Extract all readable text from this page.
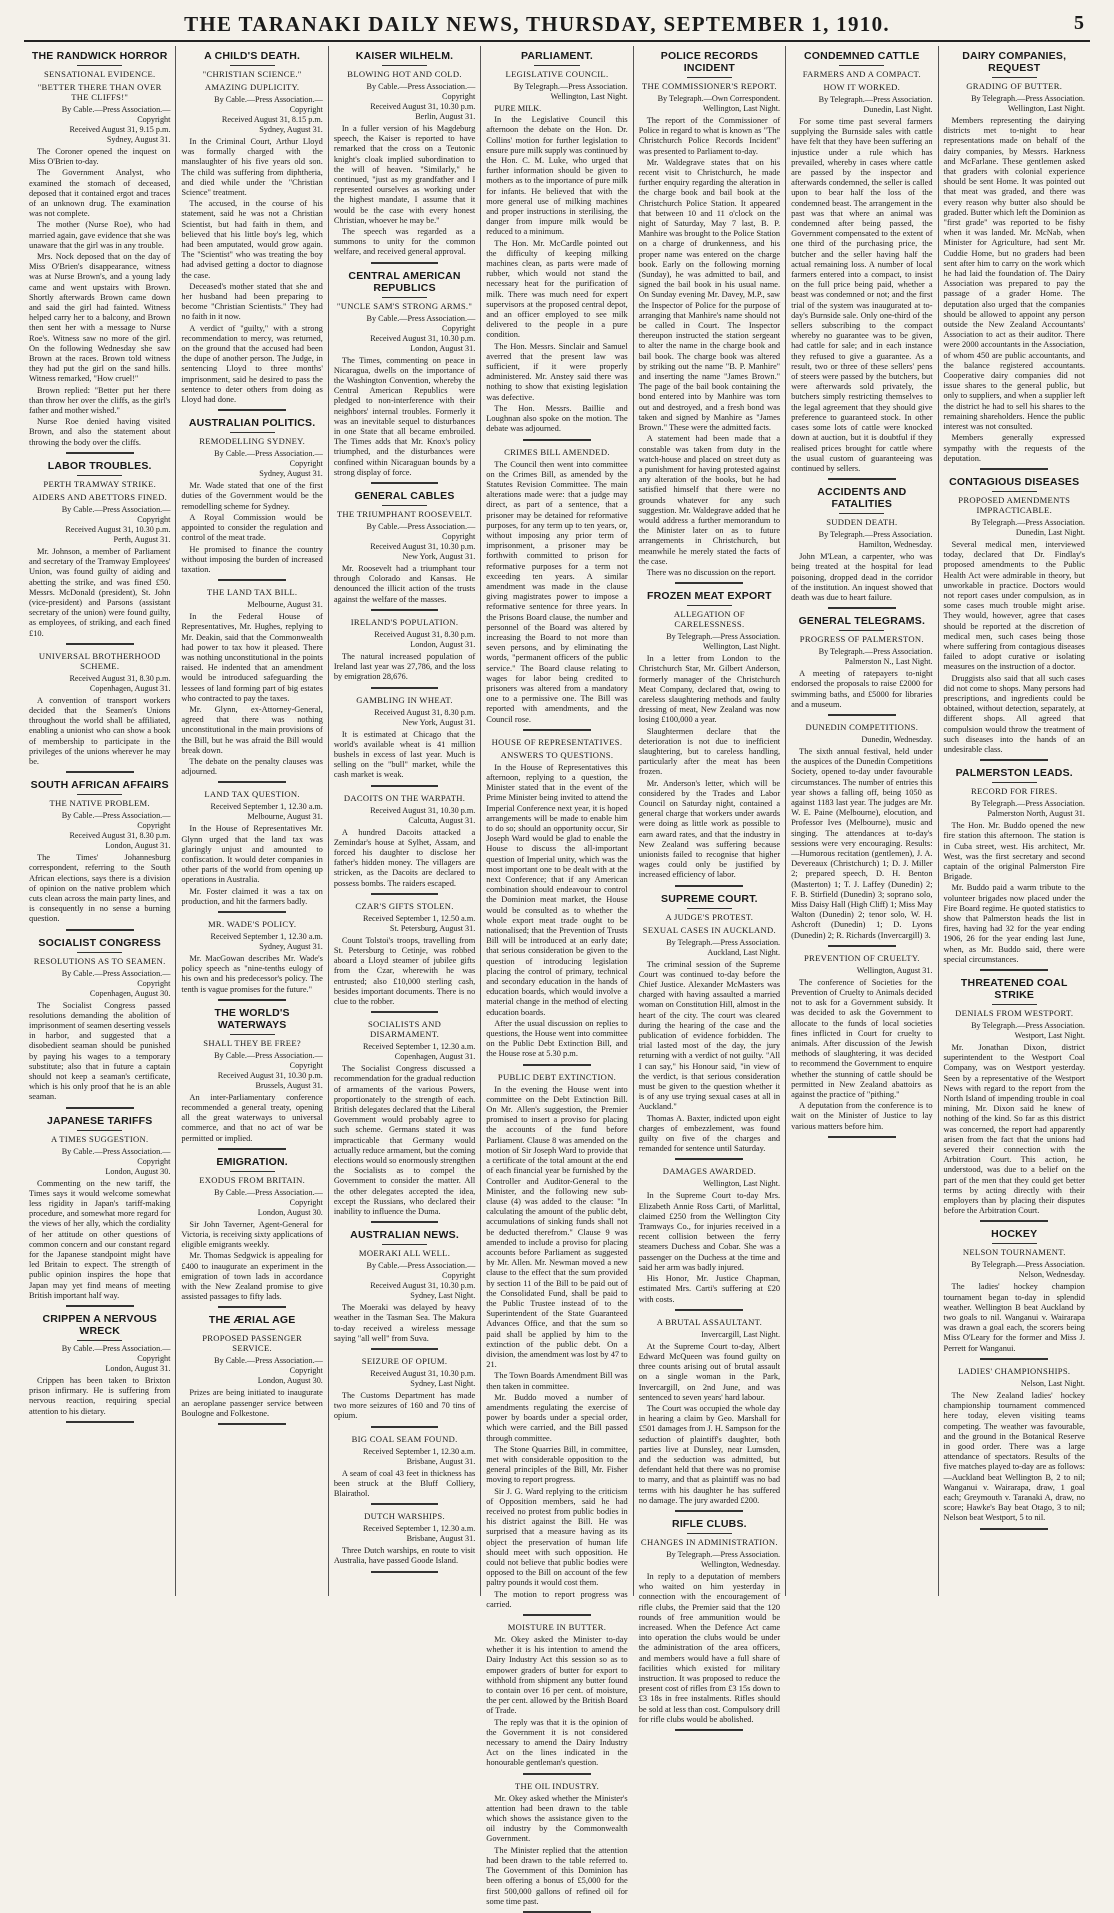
THE TARANAKI DAILY NEWS, THURSDAY, SEPTEMBER 1, 1910.	5
THE RANDWICK HORROR
SENSATIONAL EVIDENCE.
"BETTER THERE THAN OVER THE CLIFFS!"
By Cable.—Press Association.—Copyright
Received August 31, 9.15 p.m.
Sydney, August 31.

The Coroner opened the inquest on Miss O'Brien to-day.

The Government Analyst, who examined the stomach of deceased, deposed that it contained ergot and traces of an unknown drug. The examination was not complete.

The mother (Nurse Roe), who had married again, gave evidence that she was unaware that the girl was in any trouble.

Mrs. Nock deposed that on the day of Miss O'Brien's disappearance, witness was at Nurse Brown's, and a young lady came and went upstairs with Brown. Shortly afterwards Brown came down and said the girl had fainted. Witness helped carry her to a balcony, and Brown then sent her with a message to Nurse Roe's. Witness saw no more of the girl. On the following Wednesday she saw Brown at the races. Brown told witness they had put the girl on the sand hills. Witness remarked, "How cruel!"

Brown replied: "Better put her there than throw her over the cliffs, as the girl's father and mother wished."

Nurse Roe denied having visited Brown, and also the statement about throwing the body over the cliffs.

LABOR TROUBLES.
PERTH TRAMWAY STRIKE.
AIDERS AND ABETTORS FINED.
By Cable.—Press Association.—Copyright
Received August 31, 10.30 p.m.
Perth, August 31.

Mr. Johnson, a member of Parliament and secretary of the Tramway Employees' Union, was found guilty of aiding and abetting the strike, and was fined £50. Messrs. McDonald (president), St. John (vice-president) and Parsons (assistant secretary of the union) were found guilty, as employees, of striking, and each fined £10.

UNIVERSAL BROTHERHOOD SCHEME.
Received August 31, 8.30 p.m.
Copenhagen, August 31.

A convention of transport workers decided that the Seamen's Unions throughout the world shall be affiliated, enabling a unionist who can show a book of membership to participate in the privileges of the unions wherever he may be.

SOUTH AFRICAN AFFAIRS
THE NATIVE PROBLEM.
By Cable.—Press Association.—Copyright
Received August 31, 8.30 p.m.
London, August 31.

The Times' Johannesburg correspondent, referring to the South African elections, says there is a division of opinion on the native problem which cuts clean across the main party lines, and is consequently in no sense a burning question.

SOCIALIST CONGRESS
RESOLUTIONS AS TO SEAMEN.
By Cable.—Press Association.—Copyright
Copenhagen, August 30.

The Socialist Congress passed resolutions demanding the abolition of imprisonment of seamen deserting vessels in harbor, and suggested that a disobedient seaman should be punished by paying his wages to a temporary substitute; also that in future a captain should not keep a seaman's certificate, which is his only proof that he is an able seaman.

JAPANESE TARIFFS
A TIMES SUGGESTION.
By Cable.—Press Association.—Copyright
London, August 30.

Commenting on the new tariff, the Times says it would welcome somewhat less rigidity in Japan's tariff-making procedure, and somewhat more regard for the views of her ally, which the cordiality of her attitude on other questions of common concern and our constant regard for the Japanese standpoint might have led Britain to expect. The strength of public opinion inspires the hope that Japan may yet find means of meeting British important half way.

CRIPPEN A NERVOUS WRECK
By Cable.—Press Association.—Copyright
London, August 31.

Crippen has been taken to Brixton prison infirmary. He is suffering from nervous reaction, requiring special attention to his dietary.

A CHILD'S DEATH.
"CHRISTIAN SCIENCE."
AMAZING DUPLICITY.
By Cable.—Press Association.—Copyright
Received August 31, 8.15 p.m.
Sydney, August 31.

In the Criminal Court, Arthur Lloyd was formally charged with the manslaughter of his five years old son. The child was suffering from diphtheria, and died while under the "Christian Science" treatment.

The accused, in the course of his statement, said he was not a Christian Scientist, but had faith in them, and believed that his little boy's leg, which had been amputated, would grow again. The "Scientist" who was treating the boy had advised getting a doctor to diagnose the case.

Deceased's mother stated that she and her husband had been preparing to become "Christian Scientists." They had no faith in it now.

A verdict of "guilty," with a strong recommendation to mercy, was returned, on the ground that the accused had been the dupe of another person. The Judge, in sentencing Lloyd to three months' imprisonment, said he desired to pass the sentence to deter others from doing as Lloyd had done.

AUSTRALIAN POLITICS.
REMODELLING SYDNEY.
By Cable.—Press Association.—Copyright
Sydney, August 31.

Mr. Wade stated that one of the first duties of the Government would be the remodelling scheme for Sydney.

A Royal Commission would be appointed to consider the regulation and control of the meat trade.

He promised to finance the country without imposing the burden of increased taxation.

THE LAND TAX BILL.
Melbourne, August 31.

In the Federal House of Representatives, Mr. Hughes, replying to Mr. Deakin, said that the Commonwealth had power to tax how it pleased. There was nothing unconstitutional in the points raised. He indented that an amendment would be introduced safeguarding the lessees of land forming part of big estates who contracted to pay the taxes.

Mr. Glynn, ex-Attorney-General, agreed that there was nothing unconstitutional in the main provisions of the Bill, but he was afraid the Bill would break down.

The debate on the penalty clauses was adjourned.

LAND TAX QUESTION.
Received September 1, 12.30 a.m.
Melbourne, August 31.

In the House of Representatives Mr. Glynn urged that the land tax was glaringly unjust and amounted to confiscation. It would deter companies in other parts of the world from opening up operations in Australia.

Mr. Foster claimed it was a tax on production, and hit the farmers badly.

MR. WADE'S POLICY.
Received September 1, 12.30 a.m.
Sydney, August 31.

Mr. MacGowan describes Mr. Wade's policy speech as "nine-tenths eulogy of his own and his predecessor's policy. The tenth is vague promises for the future."

THE WORLD'S WATERWAYS
SHALL THEY BE FREE?
By Cable.—Press Association.—Copyright
Received August 31, 10.30 p.m.
Brussels, August 31.

An inter-Parliamentary conference recommended a general treaty, opening all the great waterways to universal commerce, and that no act of war be permitted or implied.

EMIGRATION.
EXODUS FROM BRITAIN.
By Cable.—Press Association.—Copyright
London, August 30.

Sir John Taverner, Agent-General for Victoria, is receiving sixty applications of eligible emigrants weekly.

Mr. Thomas Sedgwick is appealing for £400 to inaugurate an experiment in the emigration of town lads in accordance with the New Zealand promise to give assisted passages to fifty lads.

THE ÆRIAL AGE
PROPOSED PASSENGER SERVICE.
By Cable.—Press Association.—Copyright
London, August 30.

Prizes are being initiated to inaugurate an aeroplane passenger service between Boulogne and Folkestone.

KAISER WILHELM.
BLOWING HOT AND COLD.
By Cable.—Press Association.—Copyright
Received August 31, 10.30 p.m.
Berlin, August 31.

In a fuller version of his Magdeburg speech, the Kaiser is reported to have remarked that the cross on a Teutonic knight's cloak implied subordination to the will of heaven. "Similarly," he continued, "just as my grandfather and I represented ourselves as working under the highest mandate, I assume that it would be the case with every honest Christian, whoever he may be."

The speech was regarded as a summons to unity for the common welfare, and received general approval.

CENTRAL AMERICAN REPUBLICS
"UNCLE SAM'S STRONG ARMS."
By Cable.—Press Association.—Copyright
Received August 31, 10.30 p.m.
London, August 31.

The Times, commenting on peace in Nicaragua, dwells on the importance of the Washington Convention, whereby the Central American Republics were pledged to non-interference with their neighbors' internal troubles. Formerly it was an inevitable sequel to disturbances in one State that all became embroiled. The Times adds that Mr. Knox's policy triumphed, and the disturbances were confined within Nicaraguan bounds by a strong display of force.

GENERAL CABLES
THE TRIUMPHANT ROOSEVELT.
By Cable.—Press Association.—Copyright
Received August 31, 10.30 p.m.
New York, August 31.

Mr. Roosevelt had a triumphant tour through Colorado and Kansas. He denounced the illicit action of the trusts against the welfare of the masses.

IRELAND'S POPULATION.
Received August 31, 8.30 p.m.
London, August 31.

The natural increased population of Ireland last year was 27,786, and the loss by emigration 28,676.

GAMBLING IN WHEAT.
Received August 31, 8.30 p.m.
New York, August 31.

It is estimated at Chicago that the world's available wheat is 41 million bushels in excess of last year. Much is selling on the "bull" market, while the cash market is weak.

DACOITS ON THE WARPATH.
Received August 31, 10.30 p.m.
Calcutta, August 31.

A hundred Dacoits attacked a Zemindar's house at Sylhet, Assam, and forced his daughter to disclose her father's hidden money. The villagers are stricken, as the Dacoits are declared to possess bombs. The raiders escaped.

CZAR'S GIFTS STOLEN.
Received September 1, 12.50 a.m.
St. Petersburg, August 31.

Count Tolstoi's troops, travelling from St. Petersburg to Cetinje, was robbed aboard a Lloyd steamer of jubilee gifts from the Czar, wherewith he was entrusted; also £10,000 sterling cash, besides important documents. There is no clue to the robber.

SOCIALISTS AND DISARMAMENT.
Received September 1, 12.30 a.m.
Copenhagen, August 31.

The Socialist Congress discussed a recommendation for the gradual reduction of armaments of the various Powers, proportionately to the strength of each. British delegates declared that the Liberal Government would probably agree to such scheme. Germans stated it was impracticable that Germany would actually reduce armament, but the coming elections would so enormously strengthen the Socialists as to compel the Government to consider the matter. All the other delegates accepted the idea, except the Russians, who declared their inability to influence the Duma.

AUSTRALIAN NEWS.
MOERAKI ALL WELL.
By Cable.—Press Association.—Copyright
Received August 31, 10.30 p.m.
Sydney, Last Night.

The Moeraki was delayed by heavy weather in the Tasman Sea. The Makura to-day received a wireless message saying "all well" from Suva.

SEIZURE OF OPIUM.
Received August 31, 10.30 p.m.
Sydney, Last Night.

The Customs Department has made two more seizures of 160 and 70 tins of opium.

BIG COAL SEAM FOUND.
Received September 1, 12.30 a.m.
Brisbane, August 31.

A seam of coal 43 feet in thickness has been struck at the Bluff Colliery, Blairathol.

DUTCH WARSHIPS.
Received September 1, 12.30 a.m.
Brisbane, August 31.

Three Dutch warships, en route to visit Australia, have passed Goode Island.

PARLIAMENT.
LEGISLATIVE COUNCIL.
By Telegraph.—Press Association.
Wellington, Last Night.

PURE MILK.

In the Legislative Council this afternoon the debate on the Hon. Dr. Collins' motion for further legislation to ensure pure milk supply was continued by the Hon. C. M. Luke, who urged that further information should be given to mothers as to the importance of pure milk for infants. He believed that with the more general use of milking machines and proper instructions in sterilising, the danger from impure milk would be reduced to a minimum.

The Hon. Mr. McCardle pointed out the difficulty of keeping milking machines clean, as parts were made of rubber, which would not stand the necessary heat for the purification of milk. There was much need for expert supervisors at the proposed central depot, and an officer employed to see milk delivered to the people in a pure condition.

The Hon. Messrs. Sinclair and Samuel averred that the present law was sufficient, if it were properly administered. Mr. Anstey said there was nothing to show that existing legislation was defective.

The Hon. Messrs. Baillie and Loughnan also spoke on the motion. The debate was adjourned.

CRIMES BILL AMENDED.

The Council then went into committee on the Crimes Bill, as amended by the Statutes Revision Committee. The main alterations made were: that a judge may direct, as part of a sentence, that a prisoner may be detained for reformative purposes, for any term up to ten years, or, without imposing any prior term of imprisonment, a prisoner may be forthwith committed to prison for reformative purposes for a term not exceeding ten years. A similar amendment was made in the clause giving magistrates power to impose a reformative sentence for three years. In the Prisons Board clause, the number and personnel of the Board was altered by increasing the Board to not more than seven persons, and by eliminating the words, "permanent officers of the public service." The Board clause relating to wages for labor being credited to prisoners was altered from a mandatory one to a permissive one. The Bill was reported with amendments, and the Council rose.

HOUSE OF REPRESENTATIVES.
ANSWERS TO QUESTIONS.

In the House of Representatives this afternoon, replying to a question, the Minister stated that in the event of the Prime Minister being invited to attend the Imperial Conference next year, it is hoped arrangements will be made to enable him to do so; should an opportunity occur, Sir Joseph Ward would be glad to enable the House to discuss the all-important question of Imperial unity, which was the most important one to be dealt with at the next Conference; that if any American combination should endeavour to control the Dominion meat market, the House would be consulted as to whether the whole export meat trade ought to be nationalised; that the Prevention of Trusts Bill will be introduced at an early date; that serious consideration be given to the question of introducing legislation placing the control of primary, technical and secondary education in the hands of education boards, which would involve a material change in the method of electing education boards.

After the usual discussion on replies to questions, the House went into committee on the Public Debt Extinction Bill, and the House rose at 5.30 p.m.

PUBLIC DEBT EXTINCTION.

In the evening the House went into committee on the Debt Extinction Bill. On Mr. Allen's suggestion, the Premier promised to insert a proviso for placing the accounts of the fund before Parliament. Clause 8 was amended on the motion of Sir Joseph Ward to provide that a certificate of the total amount at the end of each financial year be furnished by the Controller and Auditor-General to the Minister, and the following new sub-clause (4) was added to the clause: "In calculating the amount of the public debt, accumulations of sinking funds shall not be deducted therefrom." Clause 9 was amended to include a proviso for placing accounts before Parliament as suggested by Mr. Allen. Mr. Newman moved a new clause to the effect that the sum provided by section 11 of the Bill to be paid out of the Consolidated Fund, shall be paid to the Public Trustee instead of to the Superintendent of the State Guaranteed Advances Office, and that the sum so paid shall be applied by him to the extinction of the public debt. On a division, the amendment was lost by 47 to 21.

The Town Boards Amendment Bill was then taken in committee.

Mr. Buddo moved a number of amendments regulating the exercise of power by boards under a special order, which were carried, and the Bill passed through committee.

The Stone Quarries Bill, in committee, met with considerable opposition to the general principles of the Bill, Mr. Fisher moving to report progress.

Sir J. G. Ward replying to the criticism of Opposition members, said he had received no protest from public bodies in his district against the Bill. He was surprised that a measure having as its object the preservation of human life should meet with such opposition. He could not believe that public bodies were opposed to the Bill on account of the few paltry pounds it would cost them.

The motion to report progress was carried.

MOISTURE IN BUTTER.

Mr. Okey asked the Minister to-day whether it is his intention to amend the Dairy Industry Act this session so as to empower graders of butter for export to withhold from shipment any butter found to contain over 16 per cent. of moisture, the per cent. allowed by the British Board of Trade.

The reply was that it is the opinion of the Government it is not considered necessary to amend the Dairy Industry Act on the lines indicated in the honourable gentleman's question.

THE OIL INDUSTRY.

Mr. Okey asked whether the Minister's attention had been drawn to the table which shows the assistance given to the oil industry by the Commonwealth Government.

The Minister replied that the attention had been drawn to the table referred to. The Government of this Dominion has been offering a bonus of £5,000 for the first 500,000 gallons of refined oil for some time past.

POLICE RECORDS INCIDENT
THE COMMISSIONER'S REPORT.
By Telegraph.—Own Correspondent.
Wellington, Last Night.

The report of the Commissioner of Police in regard to what is known as "The Christchurch Police Records Incident" was presented to Parliament to-day.

Mr. Waldegrave states that on his recent visit to Christchurch, he made further enquiry regarding the alteration in the charge book and bail book at the Christchurch Police Station. It appeared that between 10 and 11 o'clock on the night of Saturday, May 7 last, B. P. Manhire was brought to the Police Station on a charge of drunkenness, and his proper name was entered on the charge book. Early on the following morning (Sunday), he was admitted to bail, and signed the bail book in his usual name. On Sunday evening Mr. Davey, M.P., saw the Inspector of Police for the purpose of arranging that Manhire's name should not be called in Court. The Inspector thereupon instructed the station sergeant to alter the name in the charge book and bail book. The charge book was altered by striking out the name "B. P. Manhire" and inserting the name "James Brown." The page of the bail book containing the bond entered into by Manhire was torn out and destroyed, and a fresh bond was taken and signed by Manhire as "James Brown." These were the admitted facts.

A statement had been made that a constable was taken from duty in the watch-house and placed on street duty as a punishment for having protested against any alteration of the books, but he had satisfied himself that there were no grounds whatever for any such suggestion. Mr. Waldegrave added that he would address a further memorandum to the Minister later on as to future arrangements in Christchurch, but meanwhile he merely stated the facts of the case.

There was no discussion on the report.

FROZEN MEAT EXPORT
ALLEGATION OF CARELESSNESS.
By Telegraph.—Press Association.
Wellington, Last Night.

In a letter from London to the Christchurch Star, Mr. Gilbert Anderson, formerly manager of the Christchurch Meat Company, declared that, owing to careless slaughtering methods and faulty dressing of meat, New Zealand was now losing £100,000 a year.

Slaughtermen declare that the deterioration is not due to inefficient slaughtering, but to careless handling, particularly after the meat has been frozen.

Mr. Anderson's letter, which will be considered by the Trades and Labor Council on Saturday night, contained a general charge that workers under awards were doing as little work as possible to earn award rates, and that the industry in New Zealand was suffering because unionists failed to recognise that higher wages could only be justified by increased efficiency of labor.

SUPREME COURT.
A JUDGE'S PROTEST.
SEXUAL CASES IN AUCKLAND.
By Telegraph.—Press Association.
Auckland, Last Night.

The criminal session of the Supreme Court was continued to-day before the Chief Justice. Alexander McMasters was charged with having assaulted a married woman on Constitution Hill, almost in the heart of the city. The court was cleared during the hearing of the case and the publication of evidence forbidden. The trial lasted most of the day, the jury returning with a verdict of not guilty. "All I can say," his Honour said, "in view of the verdict, is that serious consideration must be given to the question whether it is of any use trying sexual cases at all in Auckland."

Thomas A. Baxter, indicted upon eight charges of embezzlement, was found guilty on five of the charges and remanded for sentence until Saturday.

DAMAGES AWARDED.
Wellington, Last Night.

In the Supreme Court to-day Mrs. Elizabeth Annie Ross Carti, of Marlittal, claimed £250 from the Wellington City Tramways Co., for injuries received in a recent collision between the ferry steamers Duchess and Cobar. She was a passenger on the Duchess at the time and said her arm was badly injured.

His Honor, Mr. Justice Chapman, estimated Mrs. Carti's suffering at £20 with costs.

A BRUTAL ASSAULTANT.
Invercargill, Last Night.

At the Supreme Court to-day, Albert Edward McQueen was found guilty on three counts arising out of brutal assault on a single woman in the Park, Invercargill, on 2nd June, and was sentenced to seven years' hard labour.

The Court was occupied the whole day in hearing a claim by Geo. Marshall for £501 damages from J. H. Sampson for the seduction of plaintiff's daughter, both parties live at Dunsley, near Lumsden, and the seduction was admitted, but defendant held that there was no promise to marry, and that as plaintiff was no bad terms with his daughter he has suffered no damage. The jury awarded £200.

RIFLE CLUBS.
CHANGES IN ADMINISTRATION.
By Telegraph.—Press Association.
Wellington, Wednesday.

In reply to a deputation of members who waited on him yesterday in connection with the encouragement of rifle clubs, the Premier said that the 120 rounds of free ammunition would be increased. When the Defence Act came into operation the clubs would be under the administration of the area officers, and members would have a full share of facilities which existed for military instruction. It was proposed to reduce the present cost of rifles from £3 15s down to £3 18s in free instalments. Rifles should be sold at less than cost. Compulsory drill for rifle clubs would be abolished.

CONDEMNED CATTLE
FARMERS AND A COMPACT.
HOW IT WORKED.
By Telegraph.—Press Association.
Dunedin, Last Night.

For some time past several farmers supplying the Burnside sales with cattle have felt that they have been suffering an injustice under a rule which has prevailed, whereby in cases where cattle are passed by the inspector and afterwards condemned, the seller is called upon to bear half the loss of the condemned beast. The arrangement in the past was that where an animal was condemned after being passed, the Government compensated to the extent of one third of the purchasing price, the butcher and the seller having half the actual remaining loss. A number of local farmers entered into a compact, to insist on the full price being paid, whether a beast was condemned or not; and the first trial of the system was inaugurated at to-day's Burnside sale. Only one-third of the sellers subscribing to the compact whereby no guarantee was to be given, had cattle for sale; and in each instance they refused to give a guarantee. As a result, two or three of these sellers' pens of steers were passed by the butchers, but were afterwards sold privately, the butchers simply restricting themselves to the legal agreement that they should give preference to guaranteed stock. In other cases some lots of cattle were knocked down at auction, but it is doubtful if they realised prices brought for cattle where the usual custom of guaranteeing was continued by sellers.

ACCIDENTS AND FATALITIES
SUDDEN DEATH.
By Telegraph.—Press Association.
Hamilton, Wednesday.

John M'Lean, a carpenter, who was being treated at the hospital for lead poisoning, dropped dead in the corridor of the institution. An inquest showed that death was due to heart failure.

GENERAL TELEGRAMS.
PROGRESS OF PALMERSTON.
By Telegraph.—Press Association.
Palmerston N., Last Night.

A meeting of ratepayers to-night endorsed the proposals to raise £2000 for swimming baths, and £5000 for libraries and a museum.

DUNEDIN COMPETITIONS.
Dunedin, Wednesday.

The sixth annual festival, held under the auspices of the Dunedin Competitions Society, opened to-day under favourable circumstances. The number of entries this year shows a falling off, being 1050 as against 1183 last year. The judges are Mr. W. E. Paine (Melbourne), elocution, and Professor Ives (Melbourne), music and singing. The attendances at to-day's sessions were very encouraging. Results:—Humorous recitation (gentlemen), J. A. Devereaux (Christchurch) 1; D. J. Miller 2; prepared speech, D. H. Benton (Masterton) 1; T. J. Laffey (Dunedin) 2; F. B. Stirfield (Dunedin) 3; soprano solo, Miss Daisy Hall (High Cliff) 1; Miss May Walton (Dunedin) 2; tenor solo, W. H. Ashcroft (Dunedin) 1; D. Lyons (Dunedin) 2; R. Richards (Invercargill) 3.

PREVENTION OF CRUELTY.
Wellington, August 31.

The conference of Societies for the Prevention of Cruelty to Animals decided not to ask for a Government subsidy. It was decided to ask the Government to allocate to the funds of local societies fines inflicted in Court for cruelty to animals. After discussion of the Jewish methods of slaughtering, it was decided to recommend the Government to enquire whether the stunning of cattle should be permitted in New Zealand abattoirs as against the practice of "pithing."

A deputation from the conference is to wait on the Minister of Justice to lay various matters before him.

DAIRY COMPANIES, REQUEST
GRADING OF BUTTER.
By Telegraph.—Press Association.
Wellington, Last Night.

Members representing the dairying districts met to-night to hear representations made on behalf of the dairy companies, by Messrs. Harkness and McFarlane. These gentlemen asked that graders with colonial experience should be sent Home. It was pointed out that meat was graded, and there was every reason why butter also should be graded. Butter which left the Dominion as "first grade" was reported to be fishy when it was landed. Mr. McNab, when Minister for Agriculture, had sent Mr. Cuddie Home, but no graders had been sent after him to carry on the work which he had laid the foundation of. The Dairy Association was prepared to pay the passage of a grader Home. The deputation also urged that the companies should be allowed to appoint any person outside the New Zealand Accountants' Association to act as their auditor. There were 2000 accountants in the Association, of whom 450 are public accountants, and the balance registered accountants. Cooperative dairy companies did not issue shares to the general public, but only to suppliers, and when a supplier left the district he had to sell his shares to the remaining shareholders. Hence the public interest was not consulted.

Members generally expressed sympathy with the requests of the deputation.

CONTAGIOUS DISEASES
PROPOSED AMENDMENTS IMPRACTICABLE.
By Telegraph.—Press Association.
Dunedin, Last Night.

Several medical men, interviewed today, declared that Dr. Findlay's proposed amendments to the Public Health Act were admirable in theory, but unworkable in practice. Doctors would not report cases under compulsion, as in some cases much trouble might arise. They would, however, agree that cases should be reported at the discretion of medical men, such cases being those where suffering from contagious diseases failed to adopt curative or isolating measures on the instruction of a doctor.

Druggists also said that all such cases did not come to shops. Many persons had prescriptions, and ingredients could be obtained, without detection, separately, at different shops. All agreed that compulsion would throw the treatment of such diseases into the hands of an undesirable class.

PALMERSTON LEADS.
RECORD FOR FIRES.
By Telegraph.—Press Association.
Palmerston North, August 31.

The Hon. Mr. Buddo opened the new fire station this afternoon. The station is in Cuba street, west. His architect, Mr. West, was the first secretary and second captain of the original Palmerston Fire Brigade.

Mr. Buddo paid a warm tribute to the volunteer brigades now placed under the Fire Board regime. He quoted statistics to show that Palmerston heads the list in fires, having had 32 for the year ending 1906, 26 for the year ending last June, when, as Mr. Buddo said, there were special circumstances.

THREATENED COAL STRIKE
DENIALS FROM WESTPORT.
By Telegraph.—Press Association.
Westport, Last Night.

Mr. Jonathan Dixon, district superintendent to the Westport Coal Company, was on Westport yesterday. Seen by a representative of the Westport News with regard to the report from the North Island of impending trouble in coal mining, Mr. Dixon said he knew of nothing of the kind. So far as this district was concerned, the report had apparently arisen from the fact that the unions had severed their connection with the Arbitration Court. This action, he understood, was due to a belief on the part of the men that they could get better terms by acting directly with their employers than by placing their disputes before the Arbitration Court.

HOCKEY
NELSON TOURNAMENT.
By Telegraph.—Press Association.
Nelson, Wednesday.

The ladies' hockey champion tournament began to-day in splendid weather. Wellington B beat Auckland by two goals to nil. Wanganui v. Wairarapa was drawn a goal each, the scorers being Miss O'Leary for the former and Miss J. Perrett for Wanganui.

LADIES' CHAMPIONSHIPS.
Nelson, Last Night.

The New Zealand ladies' hockey championship tournament commenced here today, eleven visiting teams competing. The weather was favourable, and the ground in the Botanical Reserve in good order. There was a large attendance of spectators. Results of the five matches played to-day are as follows:—Auckland beat Wellington B, 2 to nil; Wanganui v. Wairarapa, draw, 1 goal each; Greymouth v. Taranaki A, draw, no score; Hawke's Bay beat Otago, 3 to nil; Nelson beat Westport, 5 to nil.
